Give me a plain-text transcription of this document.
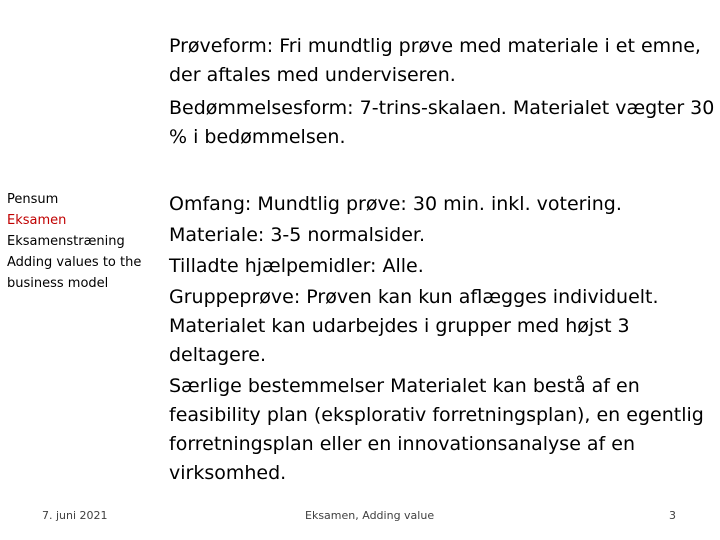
Prøveform: Fri mundtlig prøve med materiale i et emne, der aftales med underviseren.

Bedømmelsesform: 7-trins-skalaen. Materialet vægter 30 % i bedømmelsen.

Pensum
Eksamen
Eksamenstræning
Adding values to the business model

Omfang: Mundtlig prøve: 30 min. inkl. votering.

Materiale: 3-5 normalsider.

Tilladte hjælpemidler: Alle.

Gruppeprøve: Prøven kan kun aflægges individuelt. Materialet kan udarbejdes i grupper med højst 3 deltagere.

Særlige bestemmelser Materialet kan bestå af en feasibility plan (eksplorativ forretningsplan), en egentlig forretningsplan eller en innovationsanalyse af en virksomhed.

7. juni 2021	Eksamen, Adding value	3
